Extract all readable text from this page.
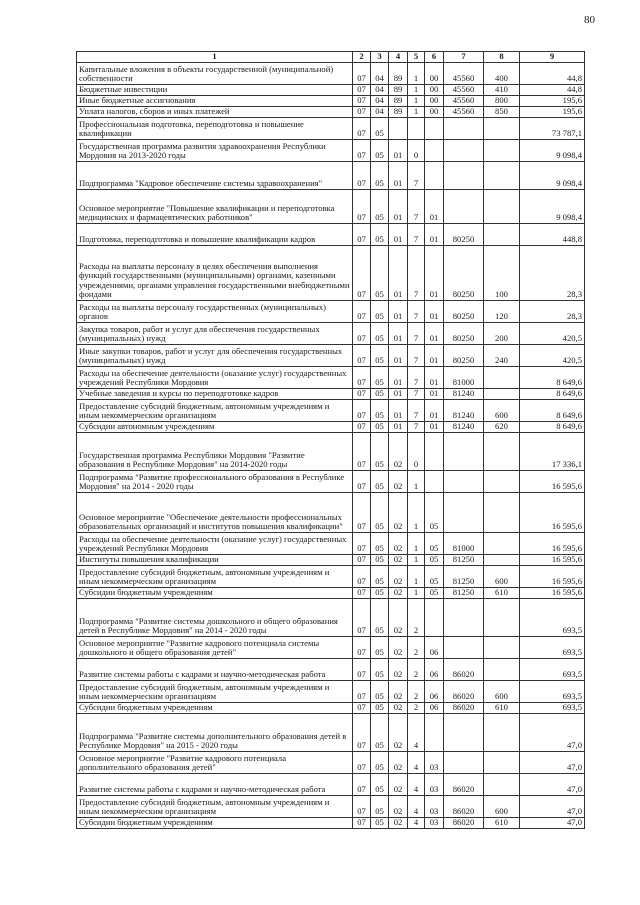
80
1	2	3	4	5	6	7	8	9
Капитальные вложения в объекты государственной (муниципальной) собственности	07	04	89	1	00	45560	400	44,8
Бюджетные инвестиции	07	04	89	1	00	45560	410	44,8
Иные бюджетные ассигнования	07	04	89	1	00	45560	800	195,6
Уплата налогов, сборов и иных платежей	07	04	89	1	00	45560	850	195,6
Профессиональная подготовка, переподготовка и повышение квалификации	07	05						73 787,1
Государственная программа развития здравоохранения Республики Мордовия на 2013-2020 годы	07	05	01	0				9 098,4
Подпрограмма "Кадровое обеспечение системы здравоохранения"	07	05	01	7				9 098,4
Основное мероприятие "Повышение квалификации и переподготовка медицинских и фармацевтических работников"	07	05	01	7	01			9 098,4
Подготовка, переподготовка и повышение квалификации кадров	07	05	01	7	01	80250		448,8
Расходы на выплаты персоналу в целях обеспечения выполнения функций государственными (муниципальными) органами, казенными учреждениями, органами управления государственными внебюджетными фондами	07	05	01	7	01	80250	100	28,3
Расходы на выплаты персоналу государственных (муниципальных) органов	07	05	01	7	01	80250	120	28,3
Закупка товаров, работ и услуг для обеспечения государственных (муниципальных) нужд	07	05	01	7	01	80250	200	420,5
Иные закупки товаров, работ и услуг для обеспечения государственных (муниципальных) нужд	07	05	01	7	01	80250	240	420,5
Расходы на обеспечение деятельности (оказание услуг) государственных учреждений Республики Мордовия	07	05	01	7	01	81000		8 649,6
Учебные заведения и курсы по переподготовке кадров	07	05	01	7	01	81240		8 649,6
Предоставление субсидий бюджетным, автономным учреждениям и иным некоммерческим организациям	07	05	01	7	01	81240	600	8 649,6
Субсидии автономным учреждениям	07	05	01	7	01	81240	620	8 649,6
Государственная программа Республики Мордовия "Развитие образования в Республике Мордовия" на 2014-2020 годы	07	05	02	0				17 336,1
Подпрограмма "Развитие профессионального образования в Республике Мордовия" на 2014 - 2020 годы	07	05	02	1				16 595,6
Основное мероприятие "Обеспечение деятельности профессиональных образовательных организаций и институтов повышения квалификации"	07	05	02	1	05			16 595,6
Расходы на обеспечение деятельности (оказание услуг) государственных учреждений Республики Мордовия	07	05	02	1	05	81000		16 595,6
Институты повышения квалификации	07	05	02	1	05	81250		16 595,6
Предоставление субсидий бюджетным, автономным учреждениям и иным некоммерческим организациям	07	05	02	1	05	81250	600	16 595,6
Субсидии бюджетным учреждениям	07	05	02	1	05	81250	610	16 595,6
Подпрограмма "Развитие системы дошкольного и общего образования детей в Республике Мордовия" на 2014 - 2020 годы	07	05	02	2				693,5
Основное мероприятие "Развитие кадрового потенциала системы дошкольного и общего образования детей"	07	05	02	2	06			693,5
Развитие системы работы с кадрами и научно-методическая работа	07	05	02	2	06	86020		693,5
Предоставление субсидий бюджетным, автономным учреждениям и иным некоммерческим организациям	07	05	02	2	06	86020	600	693,5
Субсидии бюджетным учреждениям	07	05	02	2	06	86020	610	693,5
Подпрограмма "Развитие системы дополнительного образования детей в Республике Мордовия" на 2015 - 2020 годы	07	05	02	4				47,0
Основное мероприятие "Развитие кадрового потенциала дополнительного образования детей"	07	05	02	4	03			47,0
Развитие системы работы с кадрами и научно-методическая работа	07	05	02	4	03	86020		47,0
Предоставление субсидий бюджетным, автономным учреждениям и иным некоммерческим организациям	07	05	02	4	03	86020	600	47,0
Субсидии бюджетным учреждениям	07	05	02	4	03	86020	610	47,0
